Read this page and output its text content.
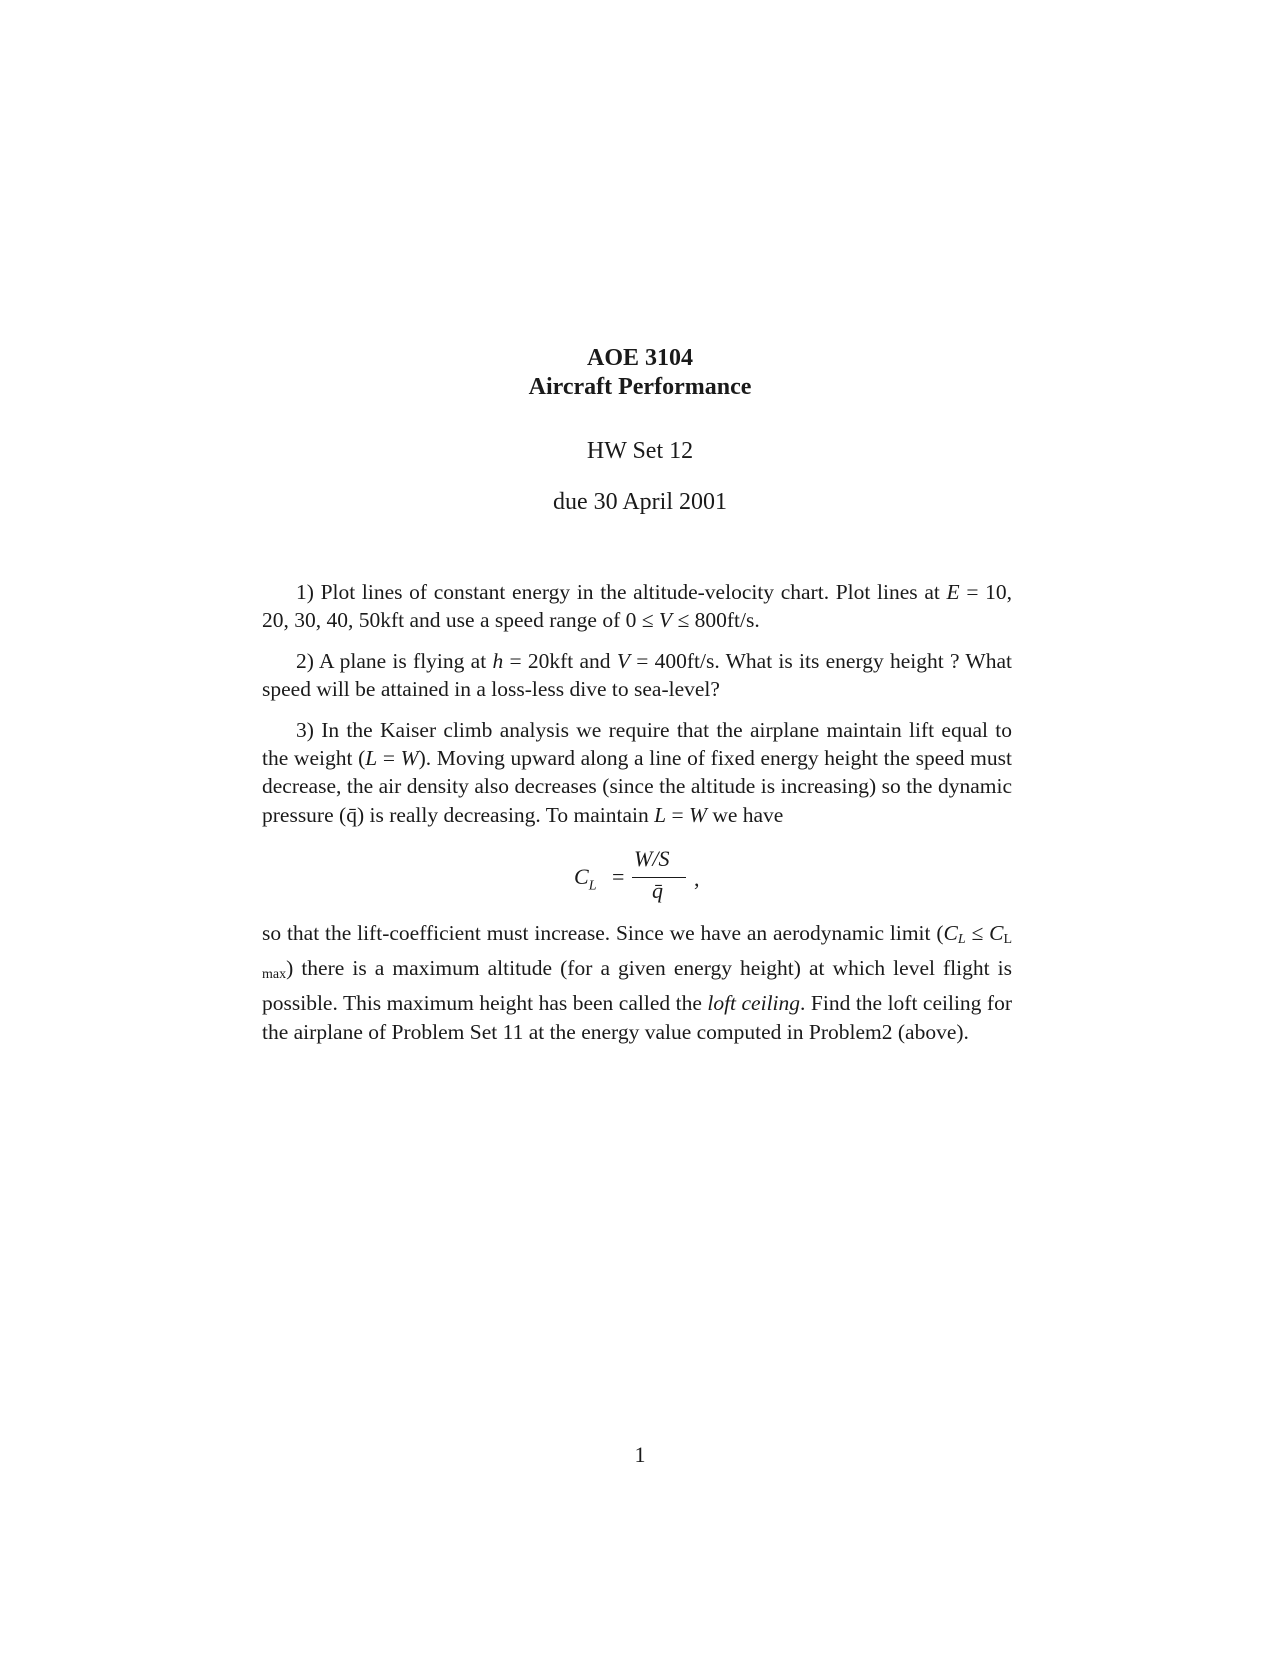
AOE 3104
Aircraft Performance
HW Set 12
due 30 April 2001
1) Plot lines of constant energy in the altitude-velocity chart. Plot lines at E = 10, 20, 30, 40, 50kft and use a speed range of 0 ≤ V ≤ 800ft/s.
2) A plane is flying at h = 20kft and V = 400ft/s. What is its energy height ? What speed will be attained in a loss-less dive to sea-level?
3) In the Kaiser climb analysis we require that the airplane maintain lift equal to the weight (L = W). Moving upward along a line of fixed energy height the speed must decrease, the air density also decreases (since the altitude is increasing) so the dynamic pressure (q̄) is really decreasing. To maintain L = W we have
$C_L$ =
W/S
q̄ ,
so that the lift-coefficient must increase. Since we have an aerodynamic limit $(C_L \le C_{L max})$ there is a maximum altitude (for a given energy height) at which level flight is possible. This maximum height has been called the loft ceiling. Find the loft ceiling for the airplane of Problem Set 11 at the energy value computed in Problem2 (above).
1
